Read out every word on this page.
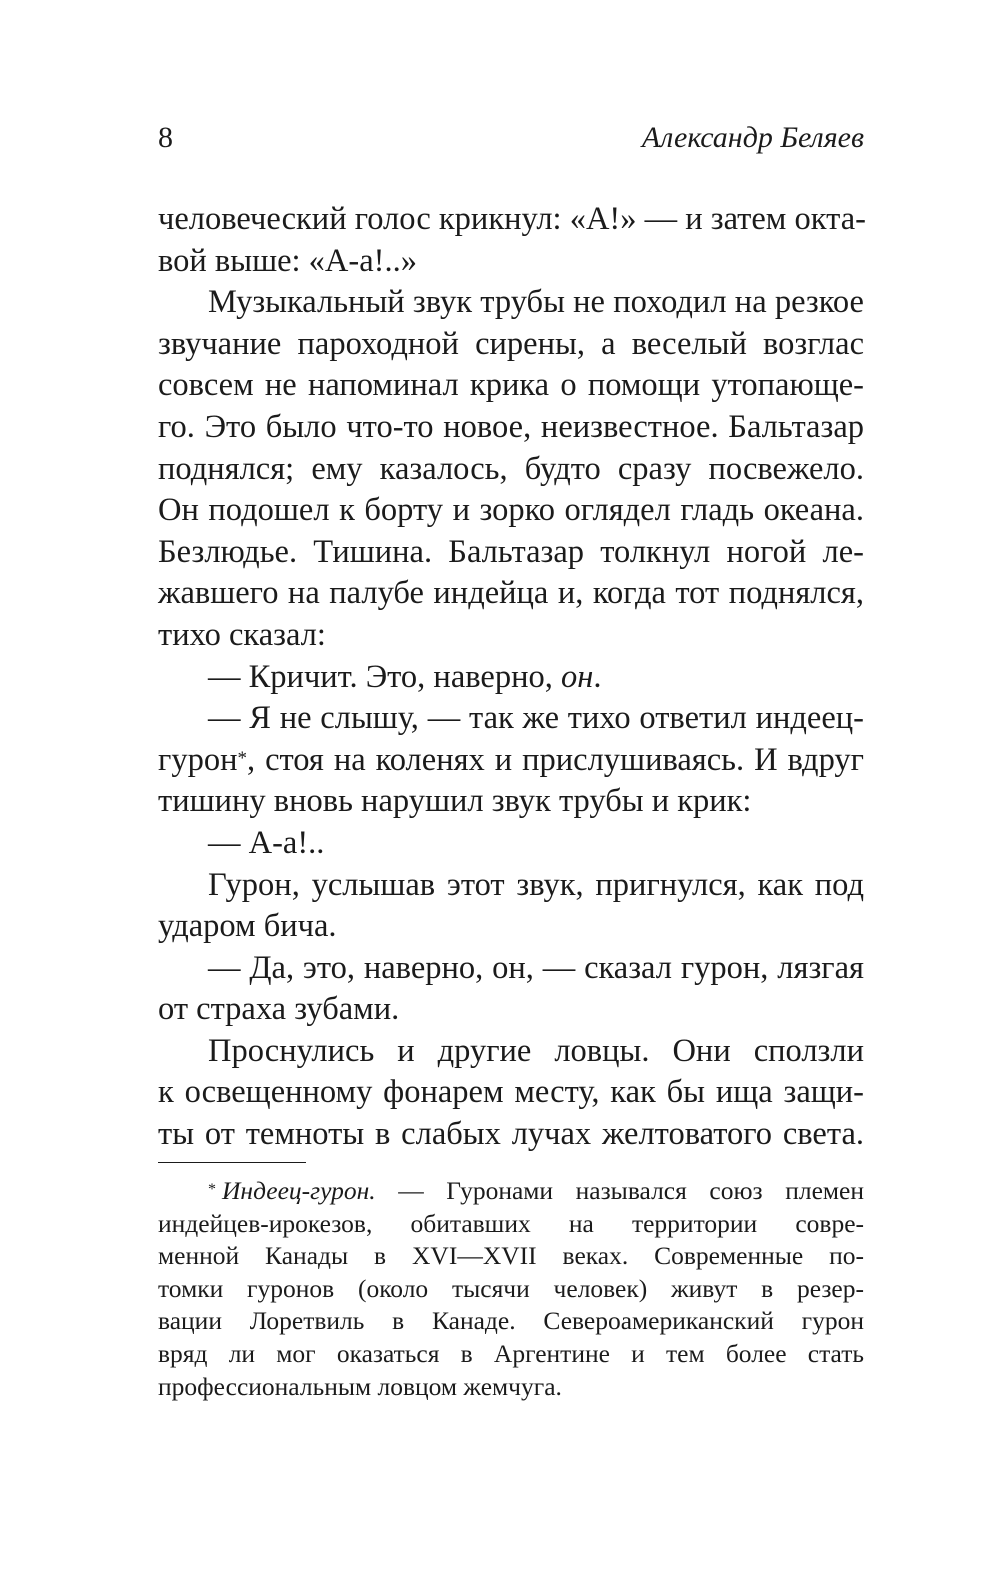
8	Александр Беляев
человеческий голос крикнул: «А!» — и затем окта-
вой выше: «А-а!..»
Музыкальный звук трубы не походил на резкое
звучание пароходной сирены, а веселый возглас
совсем не напоминал крика о помощи утопающе-
го. Это было что-то новое, неизвестное. Бальтазар
поднялся; ему казалось, будто сразу посвежело.
Он подошел к борту и зорко оглядел гладь океана.
Безлюдье. Тишина. Бальтазар толкнул ногой ле-
жавшего на палубе индейца и, когда тот поднялся,
тихо сказал:
— Кричит. Это, наверно, он.
— Я не слышу, — так же тихо ответил индеец-
гурон*, стоя на коленях и прислушиваясь. И вдруг
тишину вновь нарушил звук трубы и крик:
— А-а!..
Гурон, услышав этот звук, пригнулся, как под
ударом бича.
— Да, это, наверно, он, — сказал гурон, лязгая
от страха зубами.
Проснулись и другие ловцы. Они сползли
к освещенному фонарем месту, как бы ища защи-
ты от темноты в слабых лучах желтоватого света.
* Индеец-гурон. — Гуронами назывался союз племен
индейцев-ирокезов, обитавших на территории совре-
менной Канады в XVI—XVII веках. Современные по-
томки гуронов (около тысячи человек) живут в резер-
вации Лоретвиль в Канаде. Североамериканский гурон
вряд ли мог оказаться в Аргентине и тем более стать
профессиональным ловцом жемчуга.
